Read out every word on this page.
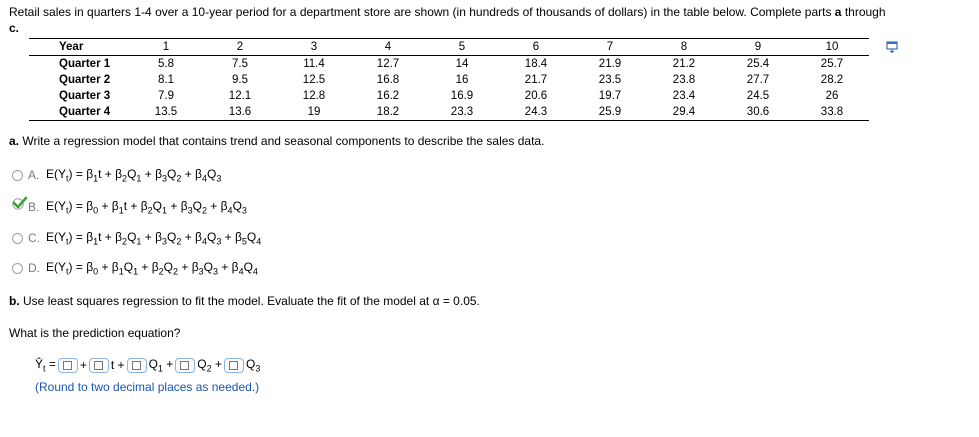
Retail sales in quarters 1-4 over a 10-year period for a department store are shown (in hundreds of thousands of dollars) in the table below. Complete parts a through
c.
Year	1	2	3	4	5	6	7	8	9	10
Quarter 1	5.8	7.5	11.4	12.7	14	18.4	21.9	21.2	25.4	25.7
Quarter 2	8.1	9.5	12.5	16.8	16	21.7	23.5	23.8	27.7	28.2
Quarter 3	7.9	12.1	12.8	16.2	16.9	20.6	19.7	23.4	24.5	26
Quarter 4	13.5	13.6	19	18.2	23.3	24.3	25.9	29.4	30.6	33.8
a. Write a regression model that contains trend and seasonal components to describe the sales data.
A. $E(Y_t) = \beta_1t + \beta_2Q_1 + \beta_3Q_2 + \beta_4Q_3$
B. $E(Y_t) = \beta_0 + \beta_1t + \beta_2Q_1 + \beta_3Q_2 + \beta_4Q_3$
C. $E(Y_t) = \beta_1t + \beta_2Q_1 + \beta_3Q_2 + \beta_4Q_3 + \beta_5Q_4$
D. $E(Y_t) = \beta_0 + \beta_1Q_1 + \beta_2Q_2 + \beta_3Q_3 + \beta_4Q_4$
b. Use least squares regression to fit the model. Evaluate the fit of the model at α = 0.05.
What is the prediction equation?
$Ŷ_t$ = + $t + Q_1 + Q_2 + Q_3$
(Round to two decimal places as needed.)
